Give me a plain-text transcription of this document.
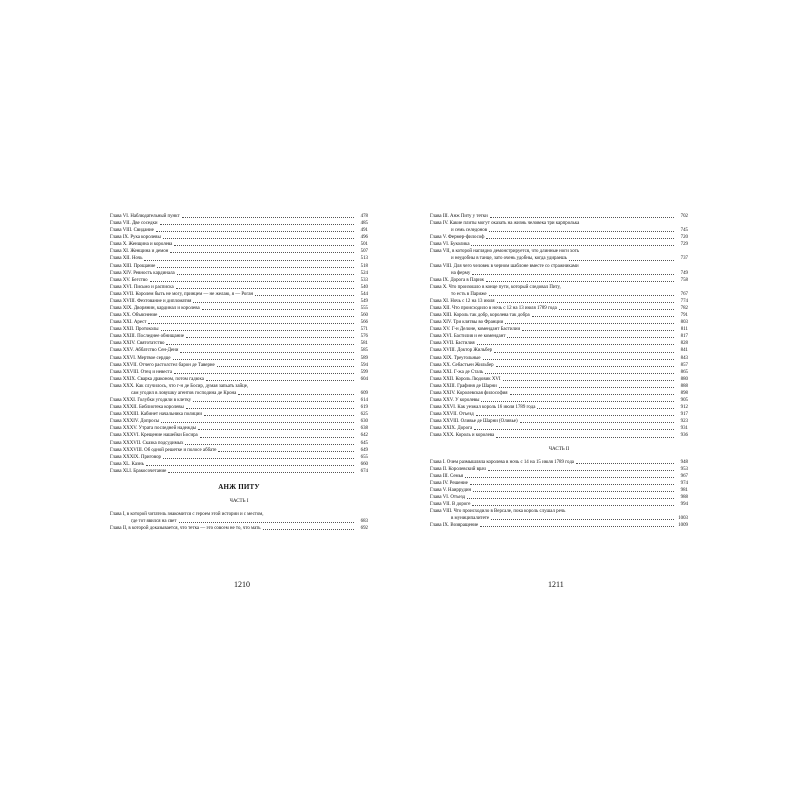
Глава VI. Наблюдательный пункт	478
Глава VII. Две соседки	485
Глава VIII. Свидание	491
Глава IX. Рука королевы	496
Глава X. Женщина и королева	501
Глава XI. Женщина и демон	507
Глава XII. Ночь	513
Глава XIII. Прощание	518
Глава XIV. Ревность кардинала	524
Глава XV. Бегство	533
Глава XVI. Письмо и расписка	540
Глава XVII. Королем быть не могу, принцем — не желаю, я — Роган	544
Глава XVIII. Фехтование и дипломатия	549
Глава XIX. Дворянин, кардинал и королева	555
Глава XX. Объяснение	560
Глава XXI. Арест	566
Глава XXII. Протоколы	571
Глава XXIII. Последнее обнищание	576
Глава XXIV. Святотатство	581
Глава XXV. Аббатство Сен-Дени	585
Глава XXVI. Мертвое сердце	589
Глава XXVII. Отчего растолстел барон де Таверне	594
Глава XXVIII. Отец и невеста	599
Глава XXIX. Сварка драконом, потом гадюка	604
Глава XXX. Как случилось, что г-н де Босир, думая запьать зайце,
сам угодил в ловушку агентов господина де Крона	609
Глава XXXI. Голубки угодили в клетку	614
Глава XXXII. Библиотека королевы	619
Глава XXXIII. Кабинет начальника полиции	625
Глава XXXIV. Допросы	630
Глава XXXV. Утрата последней надежды	638
Глава XXXVI. Крещение нашейки Босира	642
Глава XXXVII. Сказка подсудимых	645
Глава XXXVIII. Об одной решетке и полосе аббате	649
Глава XXXIX. Приговор	655
Глава XL. Казнь	660
Глава XLI. Бракосочетание	674
АНЖ ПИТУ
ЧАСТЬ I
Глава I, в которой читатель знакомится с героем этой истории и с местом,
где тот явился на свет	683
Глава II, в которой доказывается, что тетка — это совсем не то, что мать	692
1210
Глава III. Анж Питу у тетки	702
Глава IV. Какие плиты могут оказать на жизнь человека три карпролька
и семь селедонов	745
Глава V. Фермер-философ	720
Глава VI. Буколика	729
Глава VII, в которой наглядно демонстрируется, что длинные ноги хоть
и неудобны в танце, зато очень удобны, когда удираешь	737
Глава VIII. Для чего человек в черном шаблоне вместе со стражниками
на ферму	749
Глава IX. Дорога в Париж	758
Глава X. Что произошло в конце пути, который следовал Питу,
то есть в Париже	767
Глава XI. Ночь с 12 на 13 июля	774
Глава XII. Что происходило в ночь с 12 на 13 июля 1789 года	782
Глава XIII. Король так добр, королева так добра	791
Глава XIV. Три клятвы во Франции	803
Глава XV. Г-н Делоне, комендант Бастилии	811
Глава XVI. Бастилия и ее комендант	817
Глава XVII. Бастилия	828
Глава XVIII. Доктор Жильбер	841
Глава XIX. Треугольные	843
Глава XX. Себастьен Жильбер	857
Глава XXI. Г-жа де Сталь	865
Глава XXII. Король Людовик XVI	880
Глава XXIII. Графиня де Шарни	888
Глава XXIV. Королевская философия	898
Глава XXV. У королевы	905
Глава XXVI. Как уезжал король 16 июля 1789 года	912
Глава XXVII. Отъезд	917
Глава XXVIII. Оливье де Шарни (Оливье)	923
Глава XXIX. Дорога	931
Глава XXX. Король и королева	936
ЧАСТЬ II
Глава I. Очем размышляла королева в ночь с 14 на 15 июля 1789 года	948
Глава II. Королевский врач	953
Глава III. Семья	967
Глава IV. Решение	974
Глава V. Наиррудин	981
Глава VI. Отъезд	988
Глава VII. В дороге	994
Глава VIII. Что происходило в Версале, пока король слушал речь
в муниципалитете	1003
Глава IX. Возвращение	1009
1211
